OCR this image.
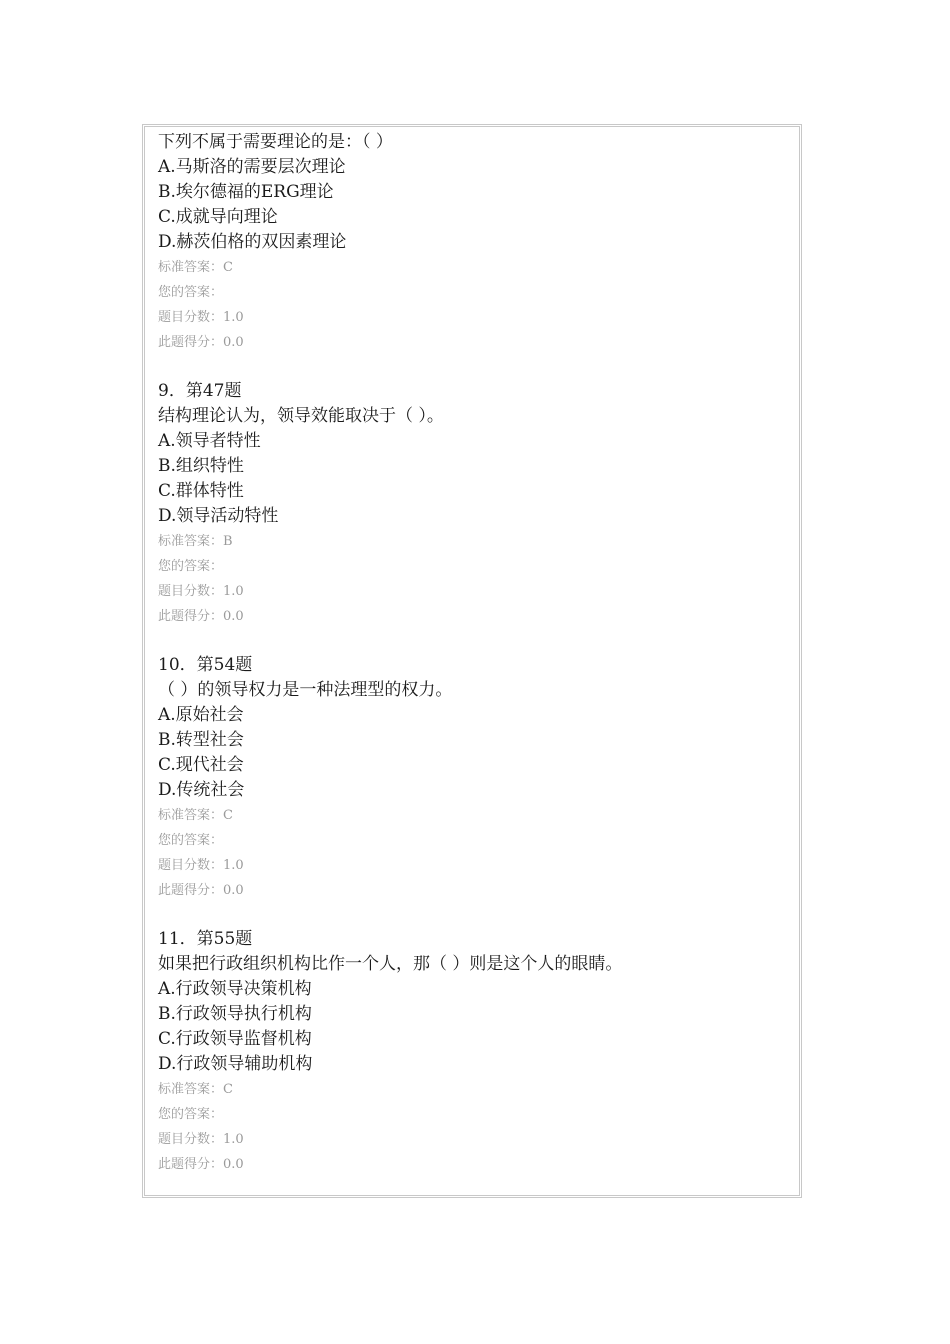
下列不属于需要理论的是：（ ）
A.马斯洛的需要层次理论
B.埃尔德福的ERG理论
C.成就导向理论
D.赫茨伯格的双因素理论
标准答案：C
您的答案：
题目分数：1.0
此题得分：0.0
9．第47题
结构理论认为，领导效能取决于（ ）。
A.领导者特性
B.组织特性
C.群体特性
D.领导活动特性
标准答案：B
您的答案：
题目分数：1.0
此题得分：0.0
10．第54题
（ ）的领导权力是一种法理型的权力。
A.原始社会
B.转型社会
C.现代社会
D.传统社会
标准答案：C
您的答案：
题目分数：1.0
此题得分：0.0
11．第55题
如果把行政组织机构比作一个人，那（ ）则是这个人的眼睛。
A.行政领导决策机构
B.行政领导执行机构
C.行政领导监督机构
D.行政领导辅助机构
标准答案：C
您的答案：
题目分数：1.0
此题得分：0.0
